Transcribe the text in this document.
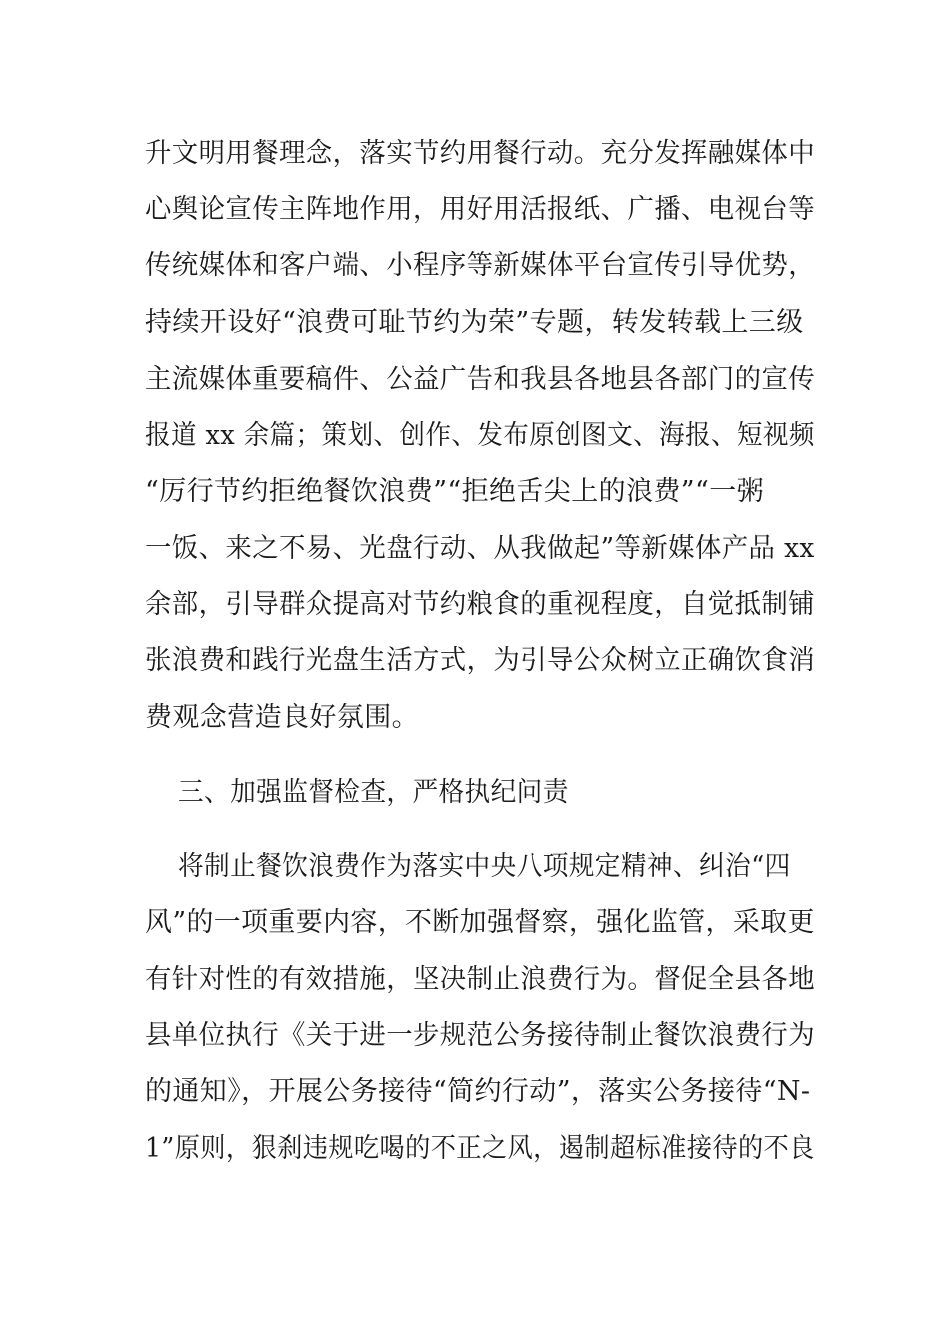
升文明用餐理念，落实节约用餐行动。充分发挥融媒体中
心舆论宣传主阵地作用，用好用活报纸、广播、电视台等
传统媒体和客户端、小程序等新媒体平台宣传引导优势，
持续开设好“浪费可耻节约为荣”专题，转发转载上三级
主流媒体重要稿件、公益广告和我县各地县各部门的宣传
报道 xx 余篇；策划、创作、发布原创图文、海报、短视频
“厉行节约拒绝餐饮浪费”“拒绝舌尖上的浪费”“一粥
一饭、来之不易、光盘行动、从我做起”等新媒体产品 xx
余部，引导群众提高对节约粮食的重视程度，自觉抵制铺
张浪费和践行光盘生活方式，为引导公众树立正确饮食消
费观念营造良好氛围。
三、加强监督检查，严格执纪问责
将制止餐饮浪费作为落实中央八项规定精神、纠治“四
风”的一项重要内容，不断加强督察，强化监管，采取更
有针对性的有效措施，坚决制止浪费行为。督促全县各地
县单位执行《关于进一步规范公务接待制止餐饮浪费行为
的通知》，开展公务接待“简约行动”，落实公务接待“N-
1”原则，狠刹违规吃喝的不正之风，遏制超标准接待的不良
